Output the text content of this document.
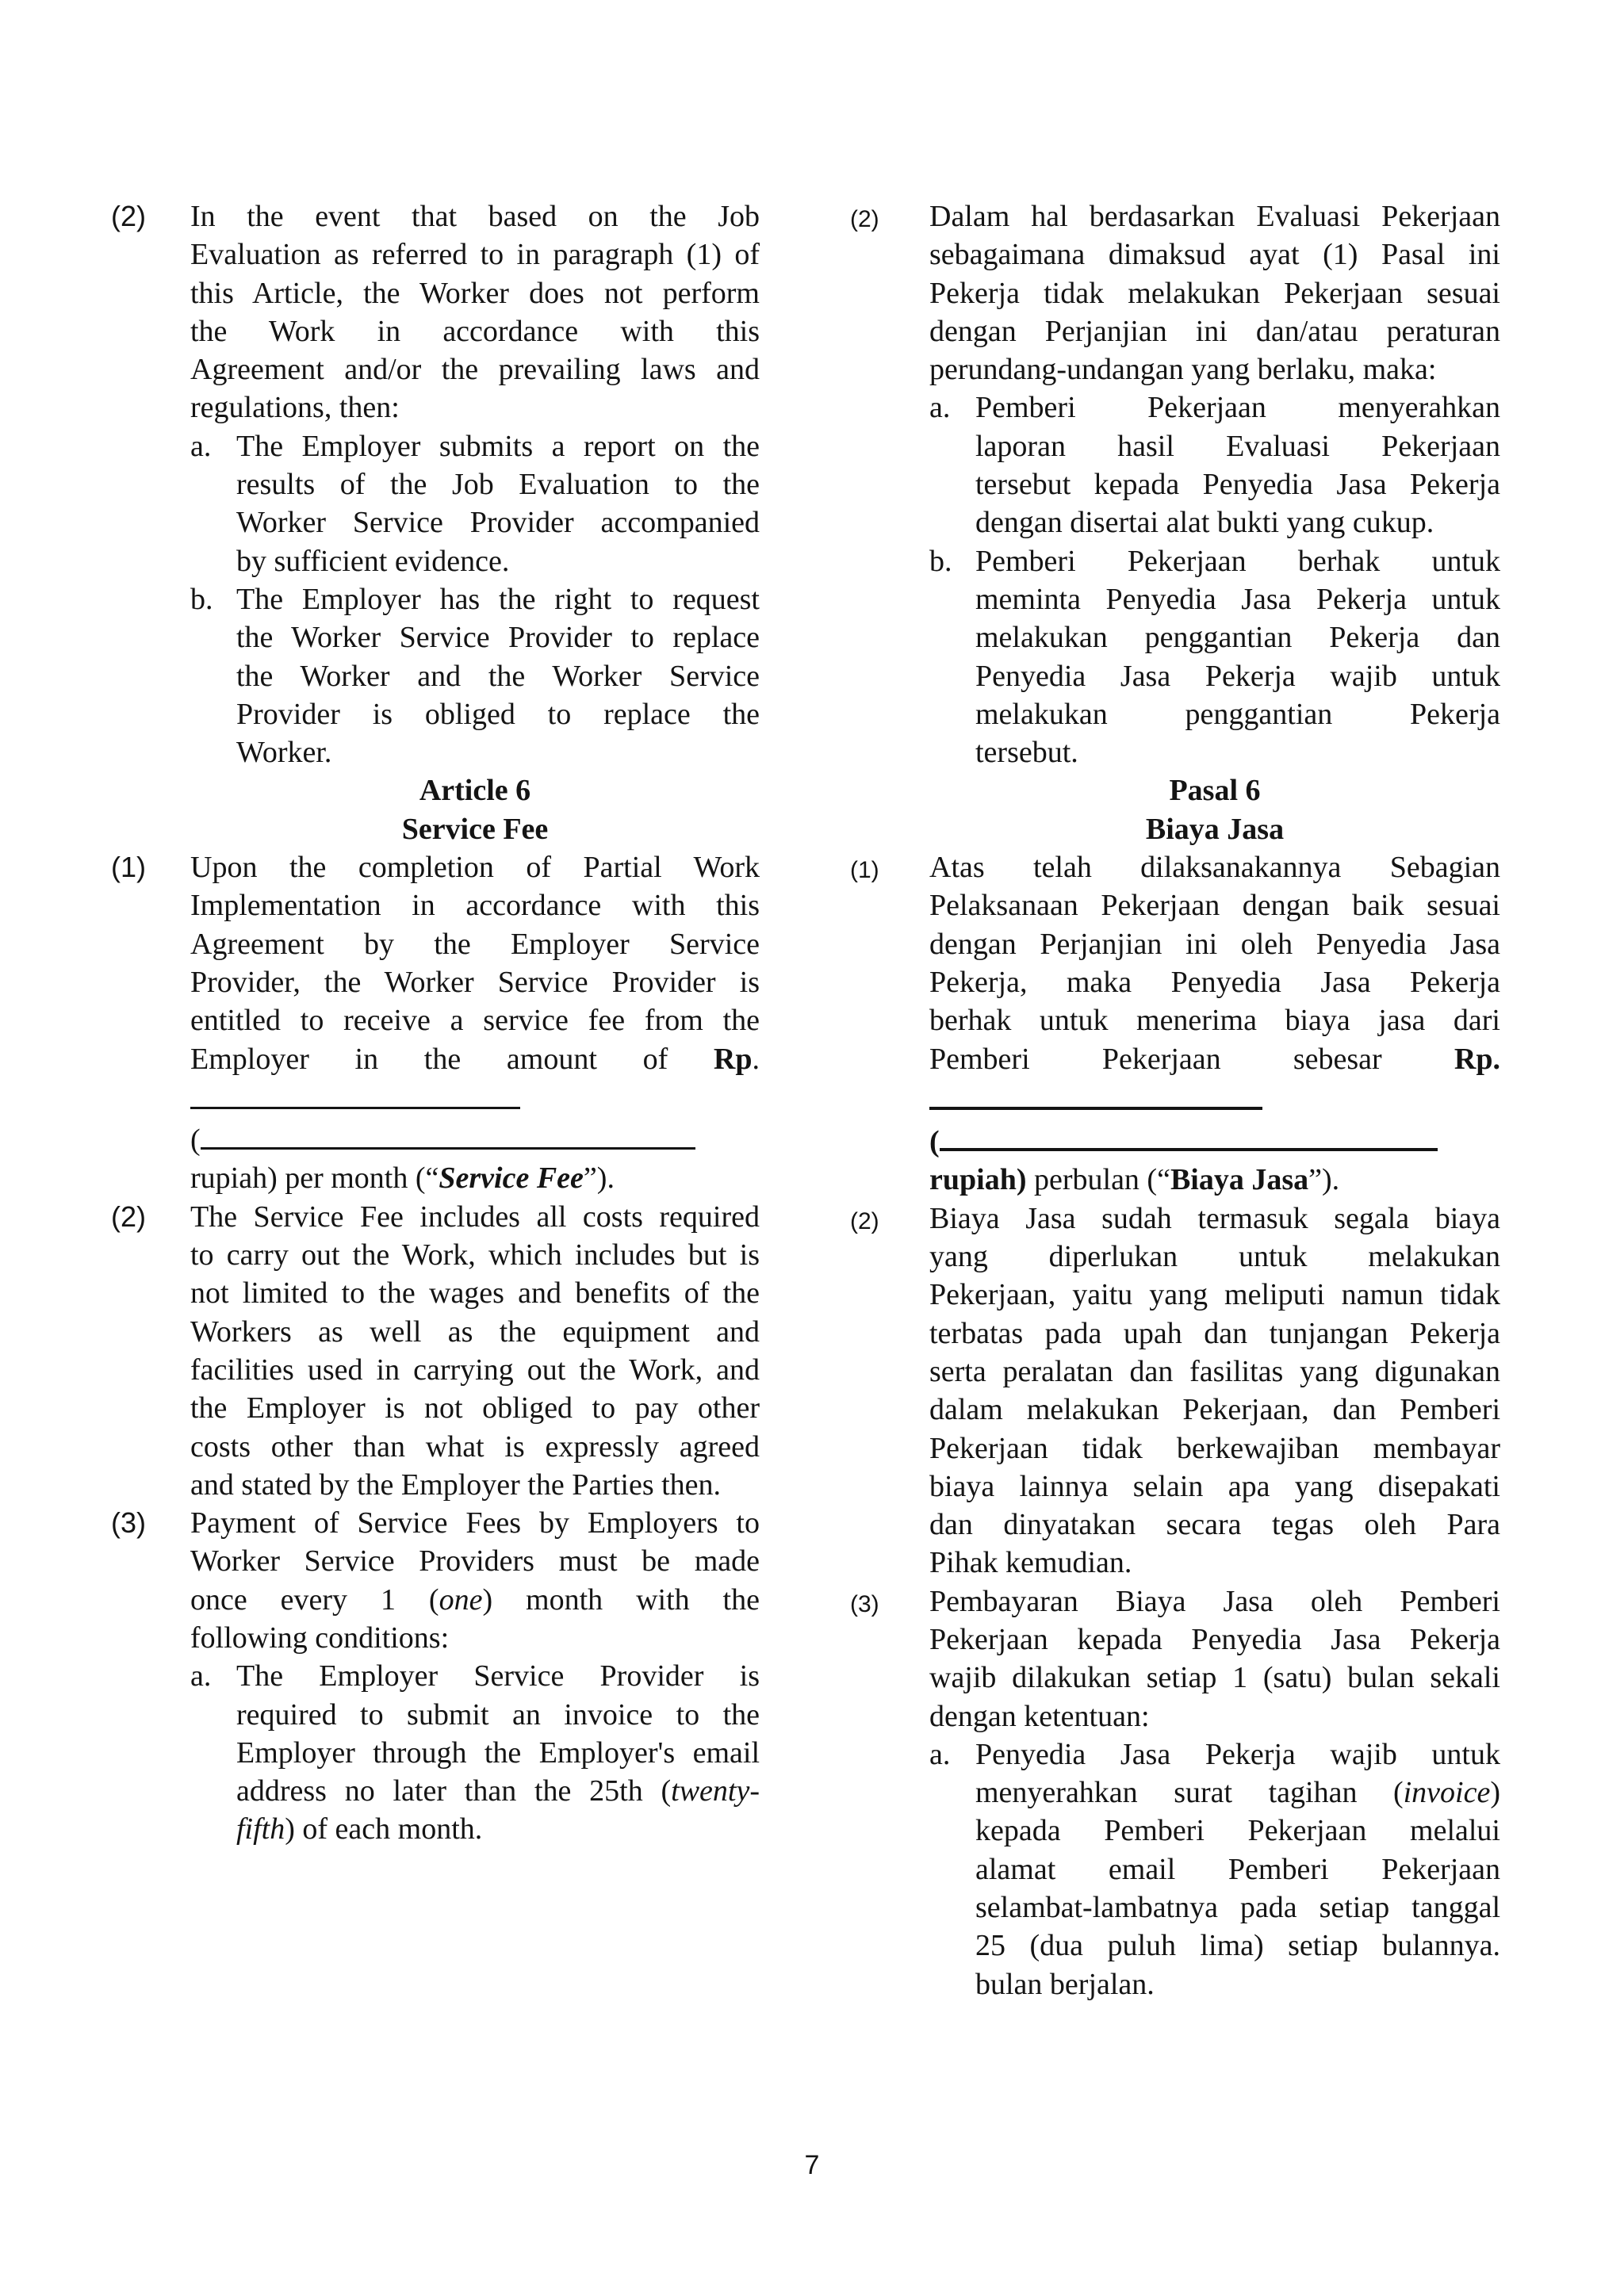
(2) In the event that based on the Job
Evaluation as referred to in paragraph (1) of
this Article, the Worker does not perform
the Work in accordance with this
Agreement and/or the prevailing laws and
regulations, then:
a. The Employer submits a report on the
results of the Job Evaluation to the
Worker Service Provider accompanied
by sufficient evidence.
b. The Employer has the right to request
the Worker Service Provider to replace
the Worker and the Worker Service
Provider is obliged to replace the
Worker.
Article 6
Service Fee
(1) Upon the completion of Partial Work
Implementation in accordance with this
Agreement by the Employer Service
Provider, the Worker Service Provider is
entitled to receive a service fee from the
Employer in the amount of Rp.
(
rupiah) per month (“Service Fee”).
(2) The Service Fee includes all costs required
to carry out the Work, which includes but is
not limited to the wages and benefits of the
Workers as well as the equipment and
facilities used in carrying out the Work, and
the Employer is not obliged to pay other
costs other than what is expressly agreed
and stated by the Employer the Parties then.
(3) Payment of Service Fees by Employers to
Worker Service Providers must be made
once every 1 (one) month with the
following conditions:
a. The Employer Service Provider is
required to submit an invoice to the
Employer through the Employer's email
address no later than the 25th (twenty-
fifth) of each month.
(2) Dalam hal berdasarkan Evaluasi Pekerjaan
sebagaimana dimaksud ayat (1) Pasal ini
Pekerja tidak melakukan Pekerjaan sesuai
dengan Perjanjian ini dan/atau peraturan
perundang-undangan yang berlaku, maka:
a. Pemberi Pekerjaan menyerahkan
laporan hasil Evaluasi Pekerjaan
tersebut kepada Penyedia Jasa Pekerja
dengan disertai alat bukti yang cukup.
b. Pemberi Pekerjaan berhak untuk
meminta Penyedia Jasa Pekerja untuk
melakukan penggantian Pekerja dan
Penyedia Jasa Pekerja wajib untuk
melakukan penggantian Pekerja
tersebut.
Pasal 6
Biaya Jasa
(1) Atas telah dilaksanakannya Sebagian
Pelaksanaan Pekerjaan dengan baik sesuai
dengan Perjanjian ini oleh Penyedia Jasa
Pekerja, maka Penyedia Jasa Pekerja
berhak untuk menerima biaya jasa dari
Pemberi Pekerjaan sebesar Rp.
(
rupiah) perbulan (“Biaya Jasa”).
(2) Biaya Jasa sudah termasuk segala biaya
yang diperlukan untuk melakukan
Pekerjaan, yaitu yang meliputi namun tidak
terbatas pada upah dan tunjangan Pekerja
serta peralatan dan fasilitas yang digunakan
dalam melakukan Pekerjaan, dan Pemberi
Pekerjaan tidak berkewajiban membayar
biaya lainnya selain apa yang disepakati
dan dinyatakan secara tegas oleh Para
Pihak kemudian.
(3) Pembayaran Biaya Jasa oleh Pemberi
Pekerjaan kepada Penyedia Jasa Pekerja
wajib dilakukan setiap 1 (satu) bulan sekali
dengan ketentuan:
a. Penyedia Jasa Pekerja wajib untuk
menyerahkan surat tagihan (invoice)
kepada Pemberi Pekerjaan melalui
alamat email Pemberi Pekerjaan
selambat-lambatnya pada setiap tanggal
25 (dua puluh lima) setiap bulannya.
bulan berjalan.
7
